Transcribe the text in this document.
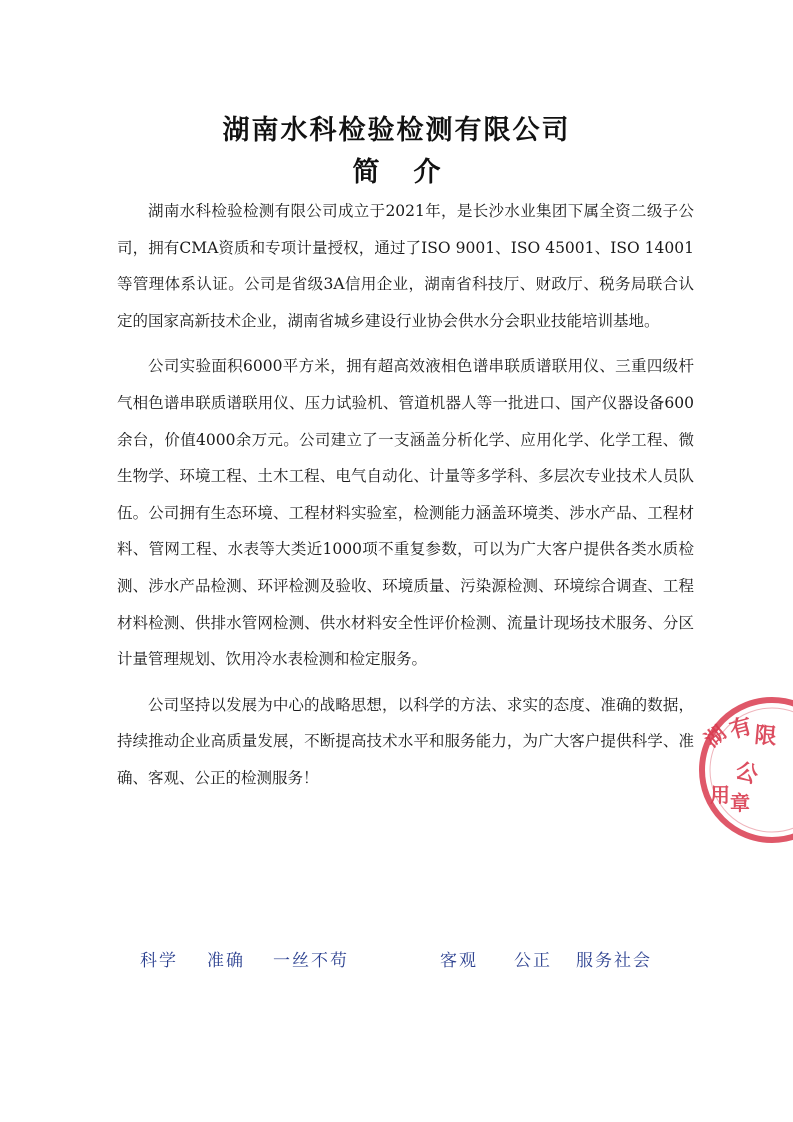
湖南水科检验检测有限公司
简介

湖南水科检验检测有限公司成立于2021年，是长沙水业集团下属全资二级子公司，拥有CMA资质和专项计量授权，通过了ISO 9001、ISO 45001、ISO 14001等管理体系认证。公司是省级3A信用企业，湖南省科技厅、财政厅、税务局联合认定的国家高新技术企业，湖南省城乡建设行业协会供水分会职业技能培训基地。

公司实验面积6000平方米，拥有超高效液相色谱串联质谱联用仪、三重四级杆气相色谱串联质谱联用仪、压力试验机、管道机器人等一批进口、国产仪器设备600余台，价值4000余万元。公司建立了一支涵盖分析化学、应用化学、化学工程、微生物学、环境工程、土木工程、电气自动化、计量等多学科、多层次专业技术人员队伍。公司拥有生态环境、工程材料实验室，检测能力涵盖环境类、涉水产品、工程材料、管网工程、水表等大类近1000项不重复参数，可以为广大客户提供各类水质检测、涉水产品检测、环评检测及验收、环境质量、污染源检测、环境综合调查、工程材料检测、供排水管网检测、供水材料安全性评价检测、流量计现场技术服务、分区计量管理规划、饮用冷水表检测和检定服务。

公司坚持以发展为中心的战略思想，以科学的方法、求实的态度、准确的数据，持续推动企业高质量发展，不断提高技术水平和服务能力，为广大客户提供科学、准确、客观、公正的检测服务！

科学 准确 一丝不苟	客观 公正 服务社会
湖
有
限
公
用 章
